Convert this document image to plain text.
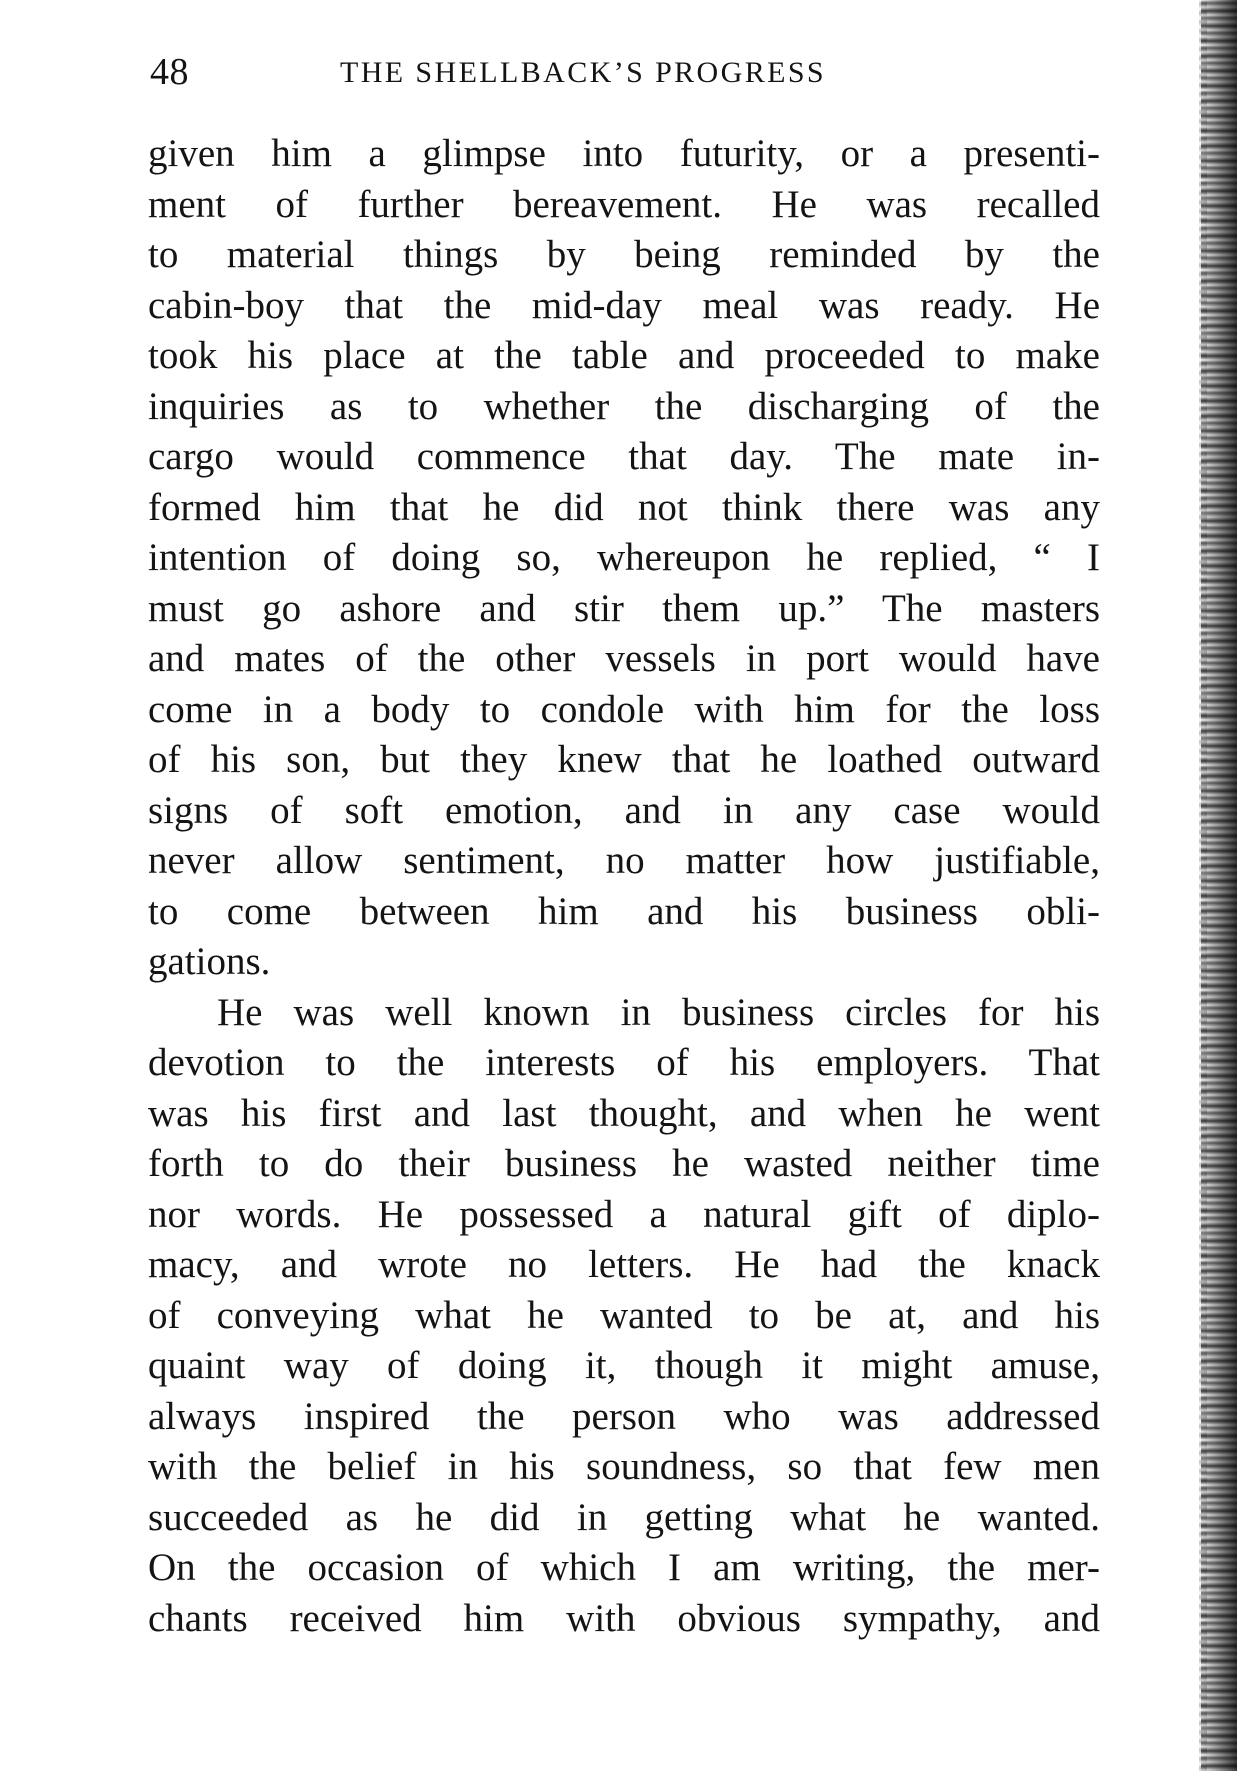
48	THE SHELLBACK’S PROGRESS
given him a glimpse into futurity, or a presenti-
ment of further bereavement. He was recalled
to material things by being reminded by the
cabin-boy that the mid-day meal was ready. He
took his place at the table and proceeded to make
inquiries as to whether the discharging of the
cargo would commence that day. The mate in-
formed him that he did not think there was any
intention of doing so, whereupon he replied, “ I
must go ashore and stir them up.” The masters
and mates of the other vessels in port would have
come in a body to condole with him for the loss
of his son, but they knew that he loathed outward
signs of soft emotion, and in any case would
never allow sentiment, no matter how justifiable,
to come between him and his business obli-
gations.
He was well known in business circles for his
devotion to the interests of his employers. That
was his first and last thought, and when he went
forth to do their business he wasted neither time
nor words. He possessed a natural gift of diplo-
macy, and wrote no letters. He had the knack
of conveying what he wanted to be at, and his
quaint way of doing it, though it might amuse,
always inspired the person who was addressed
with the belief in his soundness, so that few men
succeeded as he did in getting what he wanted.
On the occasion of which I am writing, the mer-
chants received him with obvious sympathy, and
